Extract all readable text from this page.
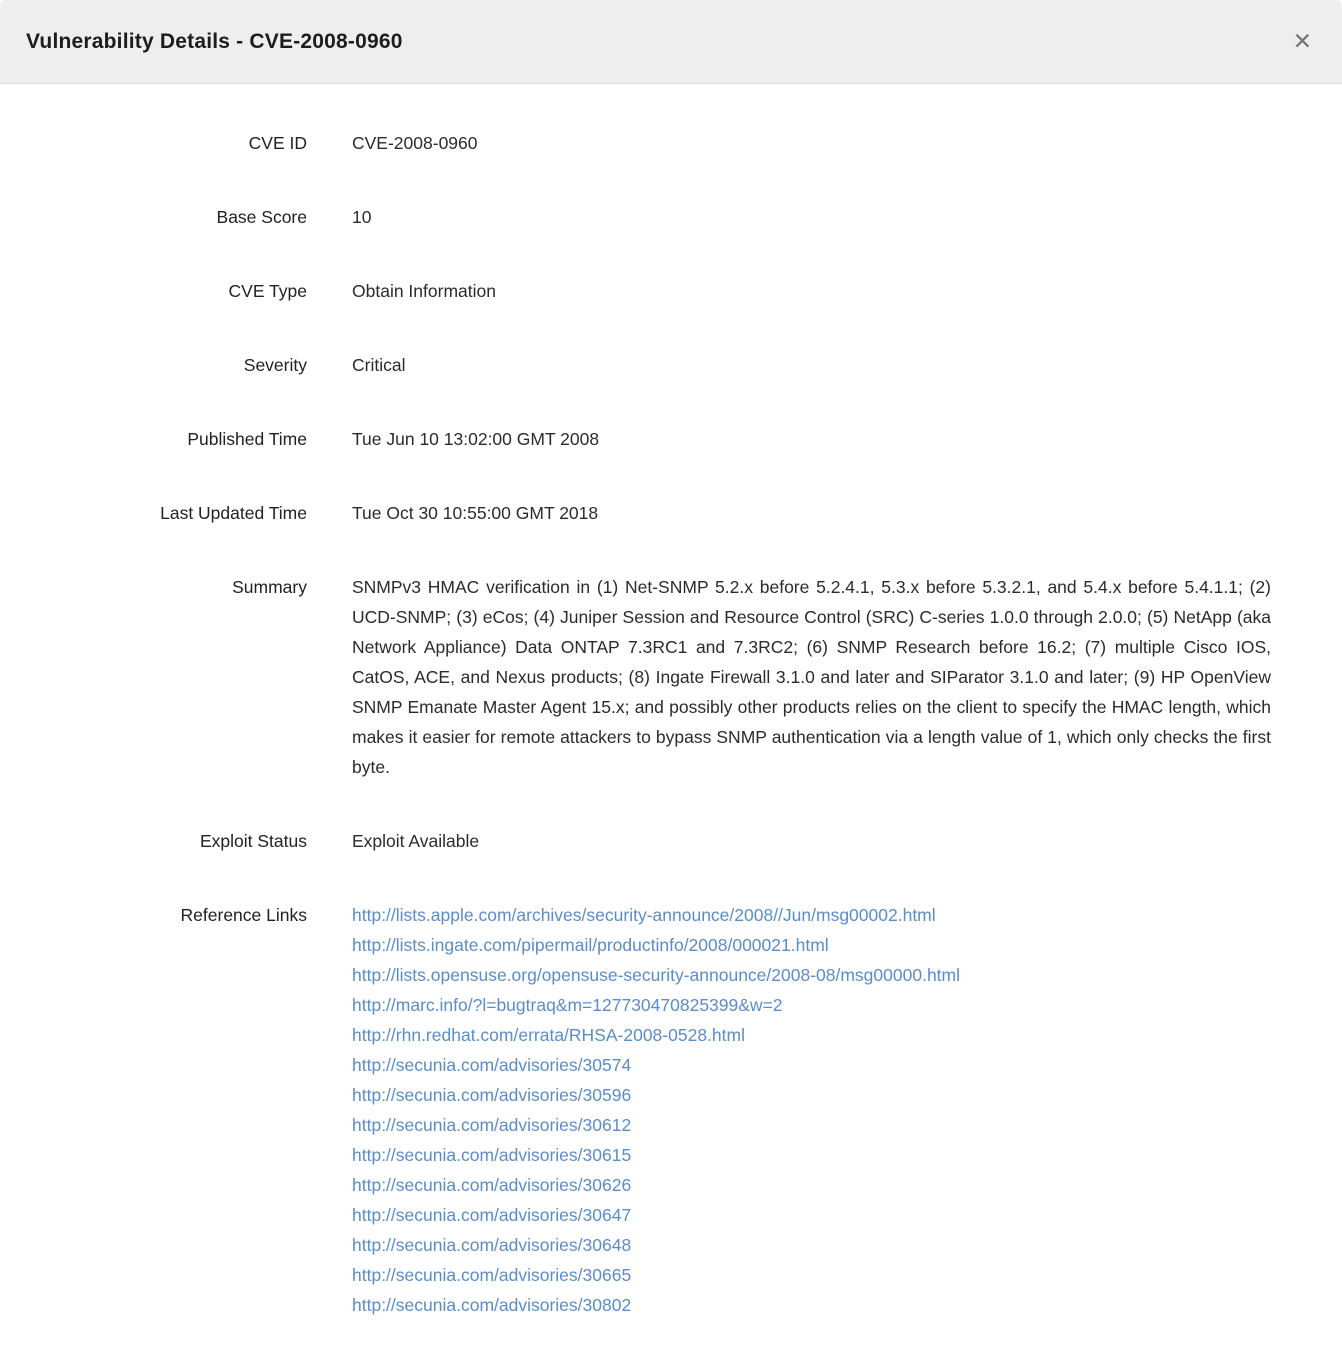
Vulnerability Details - CVE-2008-0960	✕
CVE ID	CVE-2008-0960
Base Score	10
CVE Type	Obtain Information
Severity	Critical
Published Time	Tue Jun 10 13:02:00 GMT 2008
Last Updated Time	Tue Oct 30 10:55:00 GMT 2018
Summary	SNMPv3 HMAC verification in (1) Net-SNMP 5.2.x before 5.2.4.1, 5.3.x before 5.3.2.1, and 5.4.x before 5.4.1.1; (2) UCD-SNMP; (3) eCos; (4) Juniper Session and Resource Control (SRC) C-series 1.0.0 through 2.0.0; (5) NetApp (aka Network Appliance) Data ONTAP 7.3RC1 and 7.3RC2; (6) SNMP Research before 16.2; (7) multiple Cisco IOS, CatOS, ACE, and Nexus products; (8) Ingate Firewall 3.1.0 and later and SIParator 3.1.0 and later; (9) HP OpenView SNMP Emanate Master Agent 15.x; and possibly other products relies on the client to specify the HMAC length, which makes it easier for remote attackers to bypass SNMP authentication via a length value of 1, which only checks the first byte.
Exploit Status	Exploit Available
Reference Links	http://lists.apple.com/archives/security-announce/2008//Jun/msg00002.html
http://lists.ingate.com/pipermail/productinfo/2008/000021.html
http://lists.opensuse.org/opensuse-security-announce/2008-08/msg00000.html
http://marc.info/?l=bugtraq&m=127730470825399&w=2
http://rhn.redhat.com/errata/RHSA-2008-0528.html
http://secunia.com/advisories/30574
http://secunia.com/advisories/30596
http://secunia.com/advisories/30612
http://secunia.com/advisories/30615
http://secunia.com/advisories/30626
http://secunia.com/advisories/30647
http://secunia.com/advisories/30648
http://secunia.com/advisories/30665
http://secunia.com/advisories/30802
